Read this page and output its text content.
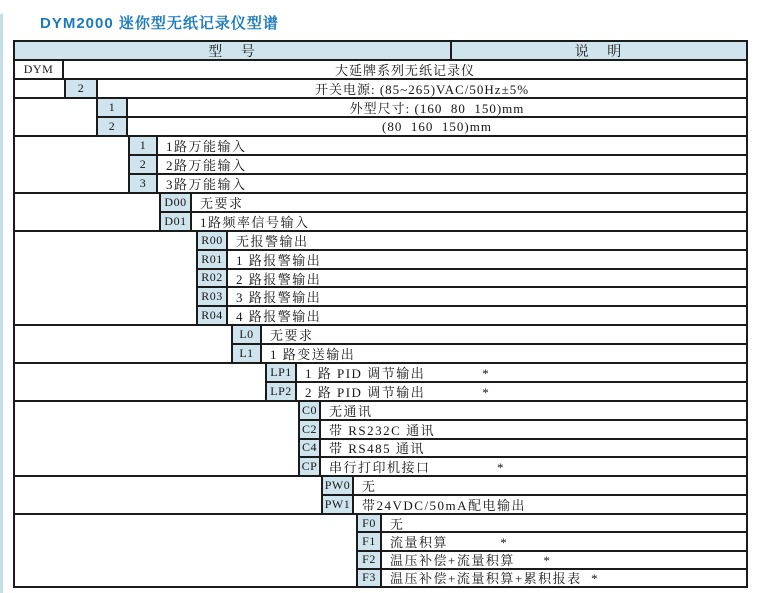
DYM2000 迷你型无纸记录仪型谱
型   号	说   明
DYM	大延牌系列无纸记录仪
2	开关电源: (85~265)VAC/50Hz±5%
1	外型尺寸: (160  80  150)mm
2	(80  160  150)mm
1	1路万能输入
2	2路万能输入
3	3路万能输入
D00	无要求
D01	1路频率信号输入
R00	无报警输出
R01	1 路报警输出
R02	2 路报警输出
R03	3 路报警输出
R04	4 路报警输出
L0	无要求
L1	1 路变送输出
LP1	1 路 PID 调节输出            *
LP2	2 路 PID 调节输出            *
C0 无通讯
C2 带 RS232C 通讯
C4 带 RS485 通讯
CP 串行打印机接口              *
PW0 无
PW1 带24VDC/50mA配电输出
F0	无
F1	流量积算           *
F2	温压补偿+流量积算      *
F3	温压补偿+流量积算+累积报表  *
